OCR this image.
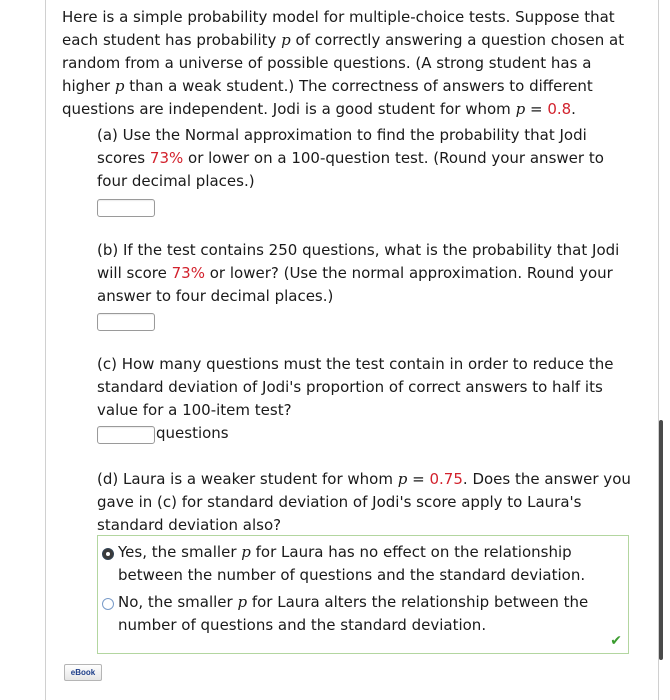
Here is a simple probability model for multiple-choice tests. Suppose that

each student has probability p of correctly answering a question chosen at

random from a universe of possible questions. (A strong student has a

higher p than a weak student.) The correctness of answers to different

questions are independent. Jodi is a good student for whom p = 0.8.

(a) Use the Normal approximation to find the probability that Jodi

scores 73% or lower on a 100-question test. (Round your answer to

four decimal places.)

(b) If the test contains 250 questions, what is the probability that Jodi

will score 73% or lower? (Use the normal approximation. Round your

answer to four decimal places.)

(c) How many questions must the test contain in order to reduce the

standard deviation of Jodi's proportion of correct answers to half its

value for a 100-item test?

questions

(d) Laura is a weaker student for whom p = 0.75. Does the answer you

gave in (c) for standard deviation of Jodi's score apply to Laura's

standard deviation also?

Yes, the smaller p for Laura has no effect on the relationship
between the number of questions and the standard deviation.
No, the smaller p for Laura alters the relationship between the
number of questions and the standard deviation.
✔
eBook
